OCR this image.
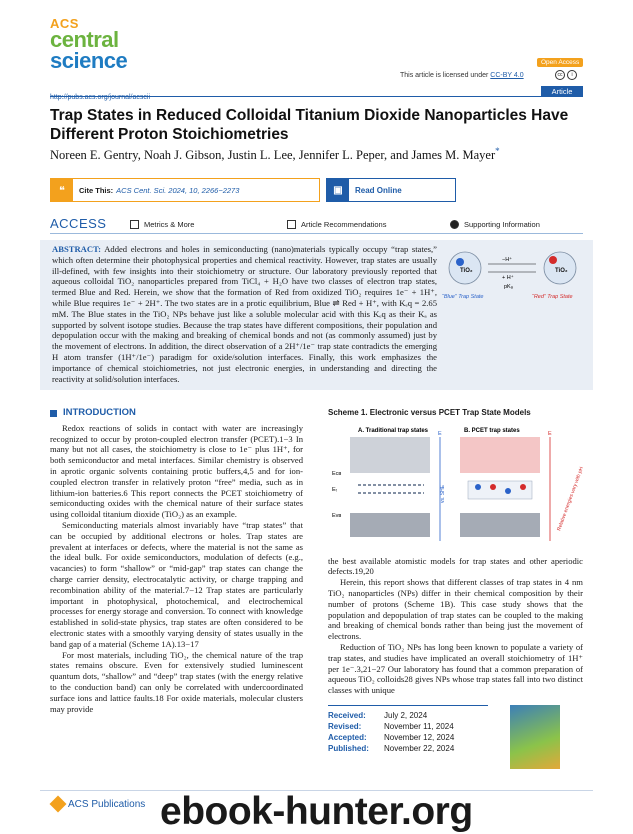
ACS
central
science	Open Access
This article is licensed under CC-BY 4.0	cc	i
http://pubs.acs.org/journal/acscii
Article
Trap States in Reduced Colloidal Titanium Dioxide Nanoparticles Have Different Proton Stoichiometries
Noreen E. Gentry, Noah J. Gibson, Justin L. Lee, Jennifer L. Peper, and James M. Mayer*
❝	Cite This: ACS Cent. Sci. 2024, 10, 2266−2273	▣	Read Online
ACCESS	Metrics & More	Article Recommendations	Supporting Information
TiO₂	TiO₂
−H⁺
+ H⁺
pKₐ
“Blue” Trap State	“Red” Trap State
ABSTRACT: Added electrons and holes in semiconducting (nano)materials typically occupy “trap states,” which often determine their photophysical properties and chemical reactivity. However, trap states are usually ill-defined, with few insights into their stoichiometry or structure. Our laboratory previously reported that aqueous colloidal TiO₂ nanoparticles prepared from TiCl₄ + H₂O have two classes of electron trap states, termed Blue and Red. Herein, we show that the formation of Red from oxidized TiO₂ requires 1e⁻ + 1H⁺, while Blue requires 1e⁻ + 2H⁺. The two states are in a protic equilibrium, Blue ⇌ Red + H⁺, with Kₑq = 2.65 mM. The Blue states in the TiO₂ NPs behave just like a soluble molecular acid with this Kₑq as their Kₐ as supported by solvent isotope studies. Because the trap states have different compositions, their population and depopulation occur with the making and breaking of chemical bonds and not (as commonly assumed) just by the movement of electrons. In addition, the direct observation of a 2H⁺/1e⁻ trap state contradicts the emerging H atom transfer (1H⁺/1e⁻) paradigm for oxide/solution interfaces. Finally, this work emphasizes the importance of chemical stoichiometries, not just electronic energies, in understanding and directing the reactivity at solid/solution interfaces.
INTRODUCTION

Redox reactions of solids in contact with water are increasingly recognized to occur by proton-coupled electron transfer (PCET).1−3 In many but not all cases, the stoichiometry is close to 1e⁻ plus 1H⁺, for both semiconductor and metal interfaces. Similar chemistry is observed in aprotic organic solvents containing protic buffers,4,5 and for ion-coupled electron transfer in relatively proton “free” media, such as in lithium-ion batteries.6 This report connects the PCET stoichiometry of semiconducting oxides with the chemical nature of their surface states using colloidal titanium dioxide (TiO₂) as an example.

Semiconducting materials almost invariably have “trap states” that can be occupied by additional electrons or holes. Trap states are prevalent at interfaces or defects, where the material is not the same as the ideal bulk. For oxide semiconductors, modulation of defects (e.g., vacancies) to form “shallow” or “mid-gap” trap states can change the charge carrier density, electrocatalytic activity, or charge trapping and recombination ability of the material.7−12 Trap states are particularly important in photophysical, photochemical, and electrochemical processes for energy storage and conversion. To connect with knowledge established in solid-state physics, trap states are often considered to be electronic states with a smoothly varying density of states usually in the band gap of a material (Scheme 1A).13−17

For most materials, including TiO₂, the chemical nature of the trap states remains obscure. Even for extensively studied luminescent quantum dots, “shallow” and “deep” trap states (with the energy relative to the conduction band) can only be correlated with undercoordinated surface ions and lattice faults.18 For oxide materials, molecular clusters may provide

Scheme 1. Electronic versus PCET Trap State Models
A. Traditional trap states
Eᴄʙ
Eₜ
Eᴠʙ
E
vs. SHE
B. PCET trap states	E
Relative energies vary with pH

the best available atomistic models for trap states and other aperiodic defects.19,20

Herein, this report shows that different classes of trap states in 4 nm TiO₂ nanoparticles (NPs) differ in their chemical composition by their number of protons (Scheme 1B). This case study shows that the population and depopulation of trap states can be coupled to the making and breaking of chemical bonds rather than being just the movement of electrons.

Reduction of TiO₂ NPs has long been known to populate a variety of trap states, and studies have implicated an overall stoichiometry of 1H⁺ per 1e⁻.3,21−27 Our laboratory has found that a common preparation of aqueous TiO₂ colloids28 gives NPs whose trap states fall into two distinct classes with unique

Received: July 2, 2024
Revised:	November 11, 2024
Accepted: November 12, 2024
Published: November 22, 2024
ACS Publications ebook-hunter.org
